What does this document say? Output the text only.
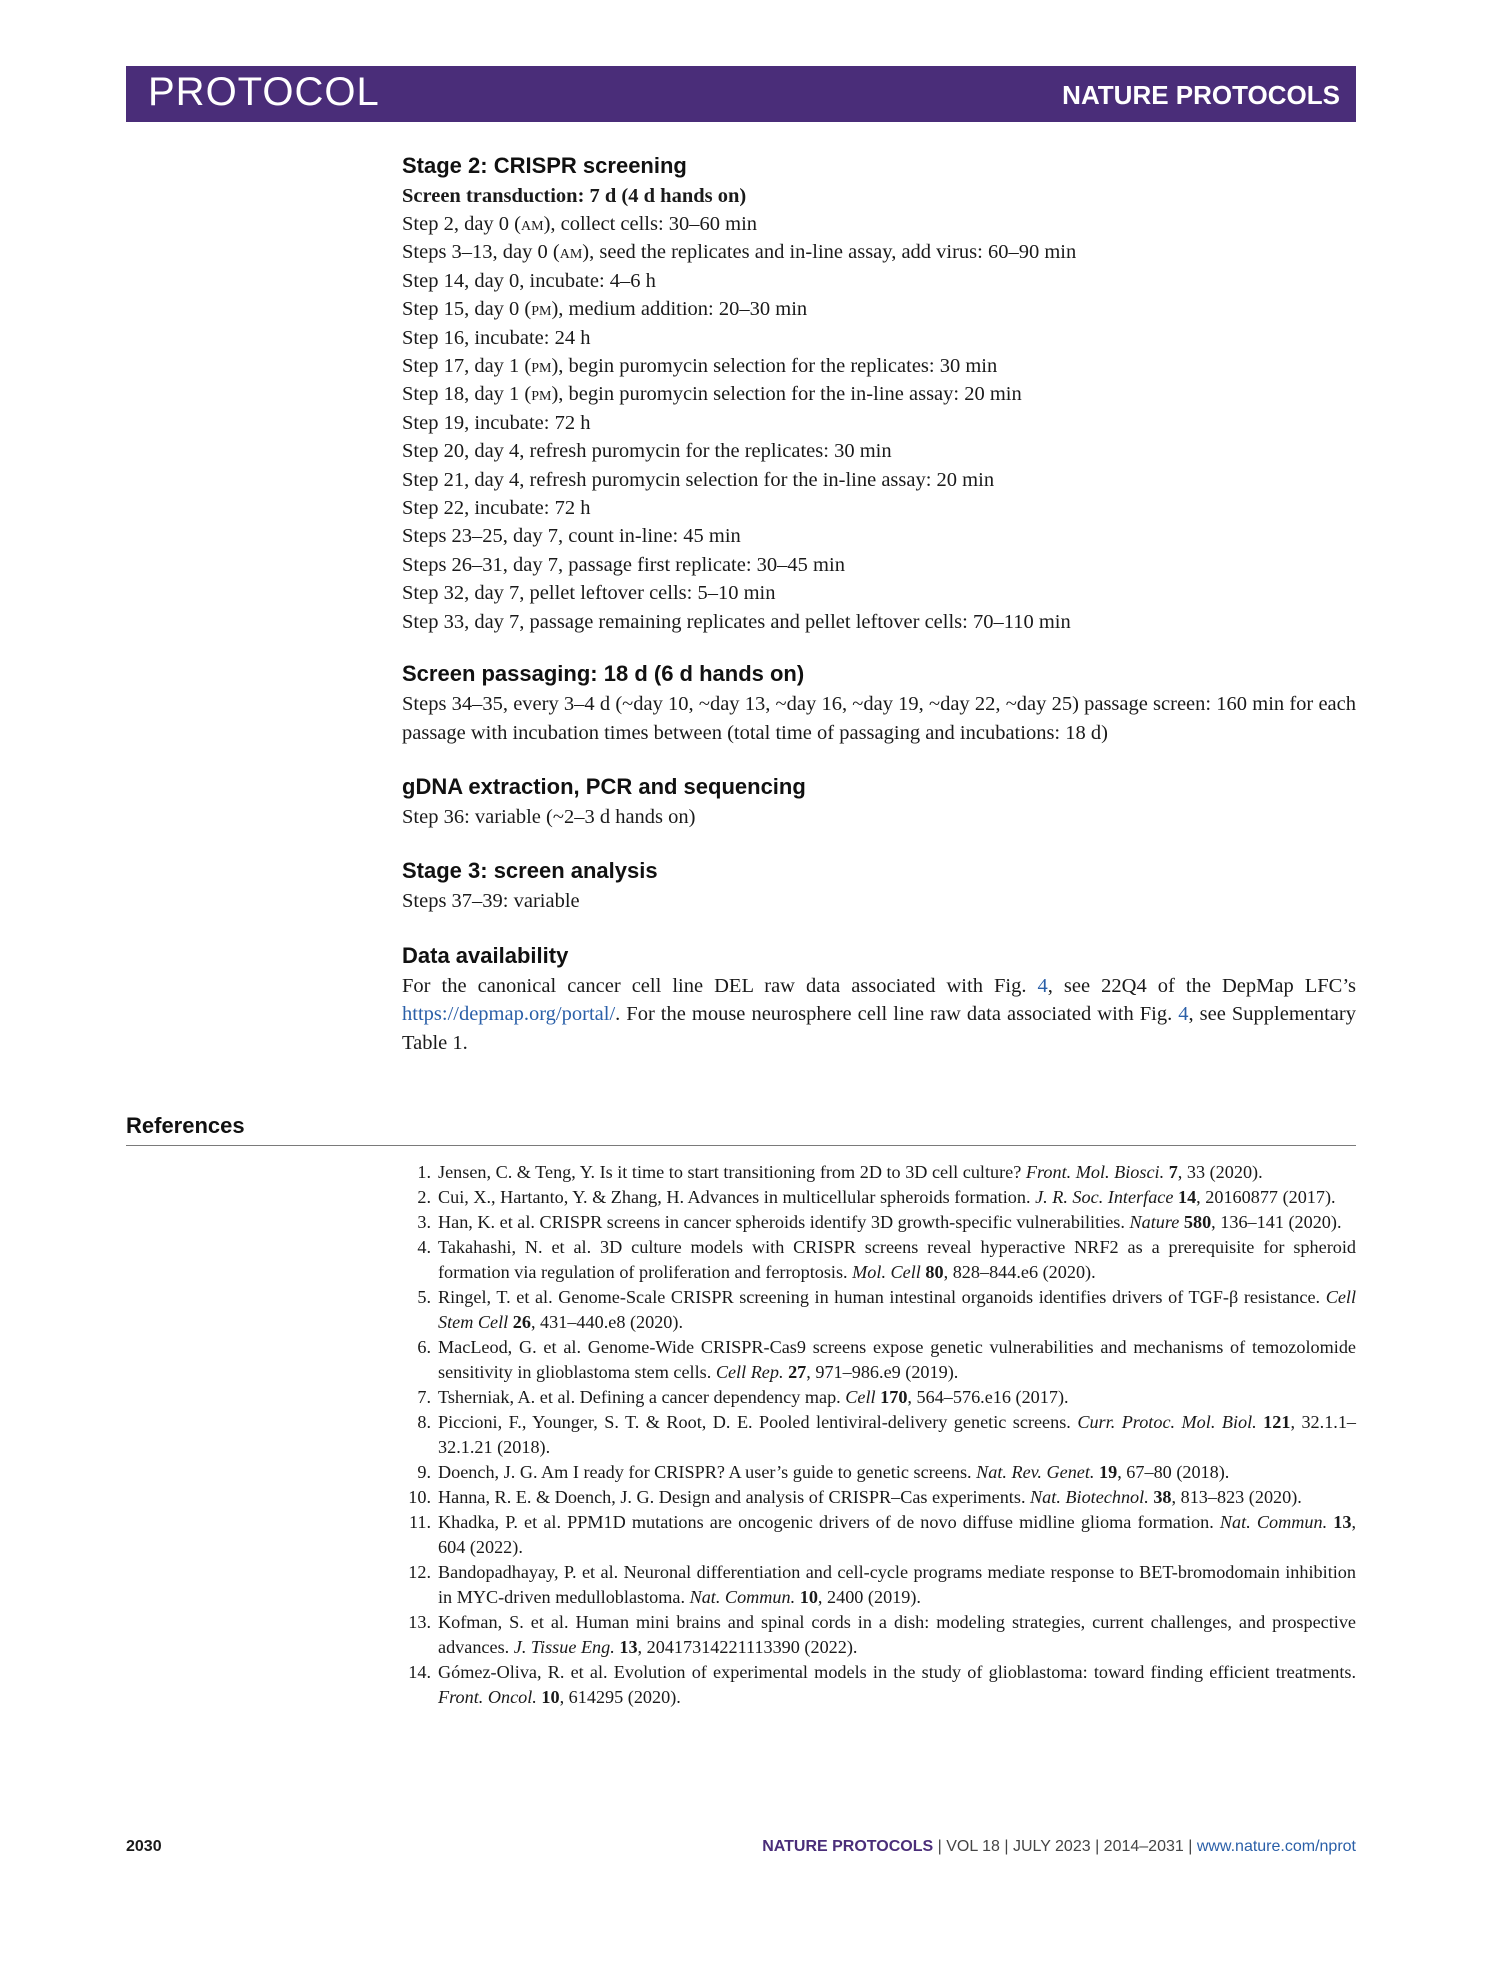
PROTOCOL	NATURE PROTOCOLS
Stage 2: CRISPR screening
Screen transduction: 7 d (4 d hands on)

Step 2, day 0 (am), collect cells: 30–60 min

Steps 3–13, day 0 (am), seed the replicates and in-line assay, add virus: 60–90 min

Step 14, day 0, incubate: 4–6 h

Step 15, day 0 (pm), medium addition: 20–30 min

Step 16, incubate: 24 h

Step 17, day 1 (pm), begin puromycin selection for the replicates: 30 min

Step 18, day 1 (pm), begin puromycin selection for the in-line assay: 20 min

Step 19, incubate: 72 h

Step 20, day 4, refresh puromycin for the replicates: 30 min

Step 21, day 4, refresh puromycin selection for the in-line assay: 20 min

Step 22, incubate: 72 h

Steps 23–25, day 7, count in-line: 45 min

Steps 26–31, day 7, passage first replicate: 30–45 min

Step 32, day 7, pellet leftover cells: 5–10 min

Step 33, day 7, passage remaining replicates and pellet leftover cells: 70–110 min

Screen passaging: 18 d (6 d hands on)

Steps 34–35, every 3–4 d (~day 10, ~day 13, ~day 16, ~day 19, ~day 22, ~day 25) passage screen: 160 min for each passage with incubation times between (total time of passaging and incubations: 18 d)

gDNA extraction, PCR and sequencing

Step 36: variable (~2–3 d hands on)

Stage 3: screen analysis

Steps 37–39: variable

Data availability

For the canonical cancer cell line DEL raw data associated with Fig. 4, see 22Q4 of the DepMap LFC’s https://depmap.org/portal/. For the mouse neurosphere cell line raw data associated with Fig. 4, see Supplementary Table 1.

References
1. Jensen, C. & Teng, Y. Is it time to start transitioning from 2D to 3D cell culture? Front. Mol. Biosci. 7, 33 (2020).
2. Cui, X., Hartanto, Y. & Zhang, H. Advances in multicellular spheroids formation. J. R. Soc. Interface 14, 20160877 (2017).
3. Han, K. et al. CRISPR screens in cancer spheroids identify 3D growth-specific vulnerabilities. Nature 580, 136–141 (2020).
4. Takahashi, N. et al. 3D culture models with CRISPR screens reveal hyperactive NRF2 as a prerequisite for spheroid formation via regulation of proliferation and ferroptosis. Mol. Cell 80, 828–844.e6 (2020).
5. Ringel, T. et al. Genome-Scale CRISPR screening in human intestinal organoids identifies drivers of TGF-β resistance. Cell Stem Cell 26, 431–440.e8 (2020).
6. MacLeod, G. et al. Genome-Wide CRISPR-Cas9 screens expose genetic vulnerabilities and mechanisms of temozolomide sensitivity in glioblastoma stem cells. Cell Rep. 27, 971–986.e9 (2019).
7. Tsherniak, A. et al. Defining a cancer dependency map. Cell 170, 564–576.e16 (2017).
8. Piccioni, F., Younger, S. T. & Root, D. E. Pooled lentiviral-delivery genetic screens. Curr. Protoc. Mol. Biol. 121, 32.1.1–32.1.21 (2018).
9. Doench, J. G. Am I ready for CRISPR? A user’s guide to genetic screens. Nat. Rev. Genet. 19, 67–80 (2018).
10. Hanna, R. E. & Doench, J. G. Design and analysis of CRISPR–Cas experiments. Nat. Biotechnol. 38, 813–823 (2020).
11. Khadka, P. et al. PPM1D mutations are oncogenic drivers of de novo diffuse midline glioma formation. Nat. Commun. 13, 604 (2022).
12. Bandopadhayay, P. et al. Neuronal differentiation and cell-cycle programs mediate response to BET-bromodomain inhibition in MYC-driven medulloblastoma. Nat. Commun. 10, 2400 (2019).
13. Kofman, S. et al. Human mini brains and spinal cords in a dish: modeling strategies, current challenges, and prospective advances. J. Tissue Eng. 13, 20417314221113390 (2022).
14. Gómez-Oliva, R. et al. Evolution of experimental models in the study of glioblastoma: toward finding efficient treatments. Front. Oncol. 10, 614295 (2020).
2030	NATURE PROTOCOLS | VOL 18 | JULY 2023 | 2014–2031 | www.nature.com/nprot
